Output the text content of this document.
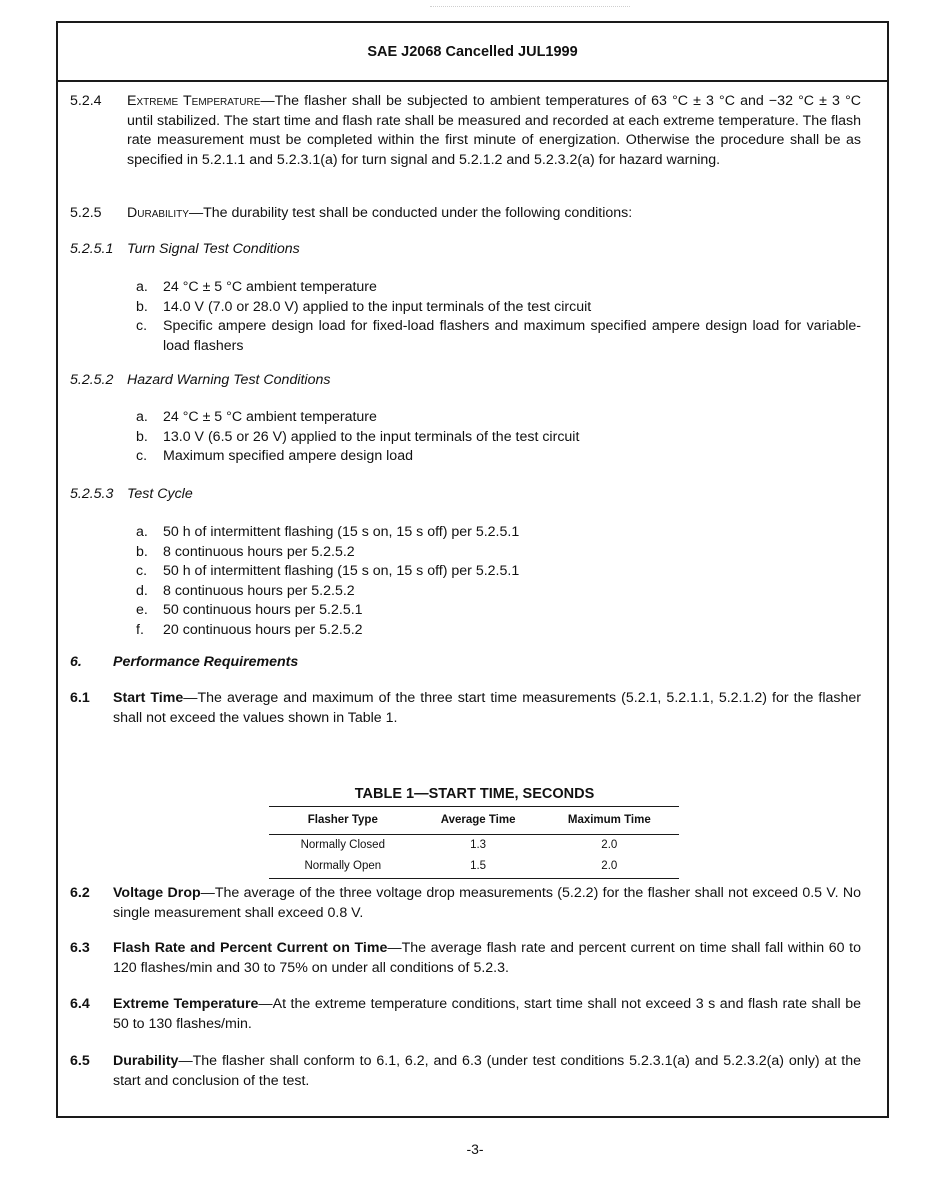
SAE J2068 Cancelled JUL1999
5.2.4 Extreme Temperature—The flasher shall be subjected to ambient temperatures of 63 °C ± 3 °C and −32 °C ± 3 °C until stabilized. The start time and flash rate shall be measured and recorded at each extreme temperature. The flash rate measurement must be completed within the first minute of energization. Otherwise the procedure shall be as specified in 5.2.1.1 and 5.2.3.1(a) for turn signal and 5.2.1.2 and 5.2.3.2(a) for hazard warning.
5.2.5 Durability—The durability test shall be conducted under the following conditions:
5.2.5.1 Turn Signal Test Conditions
a. 24 °C ± 5 °C ambient temperature
b. 14.0 V (7.0 or 28.0 V) applied to the input terminals of the test circuit
c. Specific ampere design load for fixed-load flashers and maximum specified ampere design load for variable-load flashers
5.2.5.2 Hazard Warning Test Conditions
a. 24 °C ± 5 °C ambient temperature
b. 13.0 V (6.5 or 26 V) applied to the input terminals of the test circuit
c. Maximum specified ampere design load
5.2.5.3 Test Cycle
a. 50 h of intermittent flashing (15 s on, 15 s off) per 5.2.5.1
b. 8 continuous hours per 5.2.5.2
c. 50 h of intermittent flashing (15 s on, 15 s off) per 5.2.5.1
d. 8 continuous hours per 5.2.5.2
e. 50 continuous hours per 5.2.5.1
f. 20 continuous hours per 5.2.5.2
6. Performance Requirements
6.1 Start Time—The average and maximum of the three start time measurements (5.2.1, 5.2.1.1, 5.2.1.2) for the flasher shall not exceed the values shown in Table 1.
TABLE 1—START TIME, SECONDS
Flasher Type	Average Time	Maximum Time
Normally Closed	1.3	2.0
Normally Open	1.5	2.0
6.2 Voltage Drop—The average of the three voltage drop measurements (5.2.2) for the flasher shall not exceed 0.5 V. No single measurement shall exceed 0.8 V.
6.3 Flash Rate and Percent Current on Time—The average flash rate and percent current on time shall fall within 60 to 120 flashes/min and 30 to 75% on under all conditions of 5.2.3.
6.4 Extreme Temperature—At the extreme temperature conditions, start time shall not exceed 3 s and flash rate shall be 50 to 130 flashes/min.
6.5 Durability—The flasher shall conform to 6.1, 6.2, and 6.3 (under test conditions 5.2.3.1(a) and 5.2.3.2(a) only) at the start and conclusion of the test.
-3-
